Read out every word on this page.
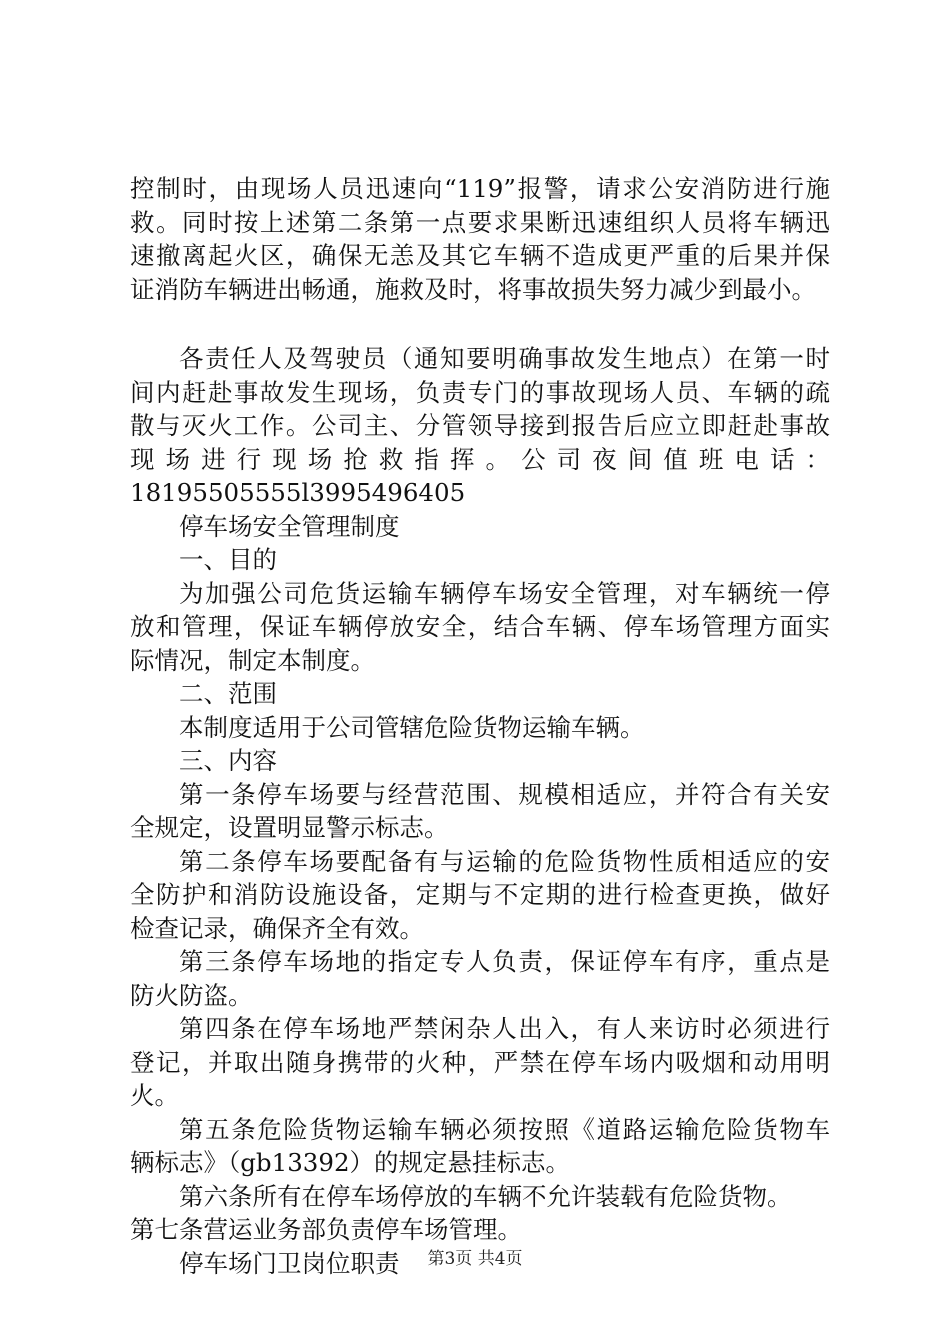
控制时，由现场人员迅速向“119”报警，请求公安消防进行施
救。同时按上述第二条第一点要求果断迅速组织人员将车辆迅
速撤离起火区，确保无恙及其它车辆不造成更严重的后果并保
证消防车辆进出畅通，施救及时，将事故损失努力减少到最小。
各责任人及驾驶员（通知要明确事故发生地点）在第一时
间内赶赴事故发生现场，负责专门的事故现场人员、车辆的疏
散与灭火工作。公司主、分管领导接到报告后应立即赶赴事故
现场进行现场抢救指挥。公司夜间值班电话：
18195505555l3995496405
停车场安全管理制度
一、目的
为加强公司危货运输车辆停车场安全管理，对车辆统一停
放和管理，保证车辆停放安全，结合车辆、停车场管理方面实
际情况，制定本制度。
二、范围
本制度适用于公司管辖危险货物运输车辆。
三、内容
第一条停车场要与经营范围、规模相适应，并符合有关安
全规定，设置明显警示标志。
第二条停车场要配备有与运输的危险货物性质相适应的安
全防护和消防设施设备，定期与不定期的进行检查更换，做好
检查记录，确保齐全有效。
第三条停车场地的指定专人负责，保证停车有序，重点是
防火防盗。
第四条在停车场地严禁闲杂人出入，有人来访时必须进行
登记，并取出随身携带的火种，严禁在停车场内吸烟和动用明
火。
第五条危险货物运输车辆必须按照《道路运输危险货物车
辆标志》（gb13392）的规定悬挂标志。
第六条所有在停车场停放的车辆不允许装载有危险货物。
第七条营运业务部负责停车场管理。
停车场门卫岗位职责	第3页 共4页
